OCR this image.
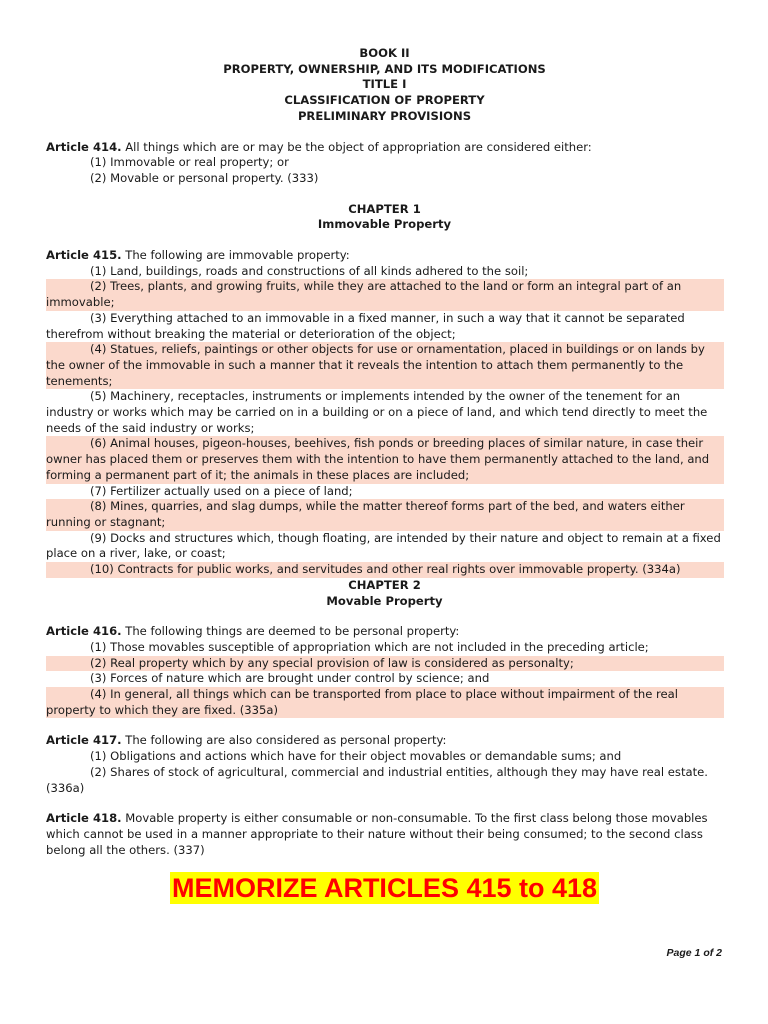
BOOK II
PROPERTY, OWNERSHIP, AND ITS MODIFICATIONS
TITLE I
CLASSIFICATION OF PROPERTY
PRELIMINARY PROVISIONS

Article 414. All things which are or may be the object of appropriation are considered either:

(1) Immovable or real property; or

(2) Movable or personal property. (333)

CHAPTER 1
Immovable Property

Article 415. The following are immovable property:

(1) Land, buildings, roads and constructions of all kinds adhered to the soil;

(2) Trees, plants, and growing fruits, while they are attached to the land or form an integral part of an immovable;

(3) Everything attached to an immovable in a fixed manner, in such a way that it cannot be separated therefrom without breaking the material or deterioration of the object;

(4) Statues, reliefs, paintings or other objects for use or ornamentation, placed in buildings or on lands by the owner of the immovable in such a manner that it reveals the intention to attach them permanently to the tenements;

(5) Machinery, receptacles, instruments or implements intended by the owner of the tenement for an industry or works which may be carried on in a building or on a piece of land, and which tend directly to meet the needs of the said industry or works;

(6) Animal houses, pigeon-houses, beehives, fish ponds or breeding places of similar nature, in case their owner has placed them or preserves them with the intention to have them permanently attached to the land, and forming a permanent part of it; the animals in these places are included;

(7) Fertilizer actually used on a piece of land;

(8) Mines, quarries, and slag dumps, while the matter thereof forms part of the bed, and waters either running or stagnant;

(9) Docks and structures which, though floating, are intended by their nature and object to remain at a fixed place on a river, lake, or coast;

(10) Contracts for public works, and servitudes and other real rights over immovable property. (334a)

CHAPTER 2
Movable Property

Article 416. The following things are deemed to be personal property:

(1) Those movables susceptible of appropriation which are not included in the preceding article;

(2) Real property which by any special provision of law is considered as personalty;

(3) Forces of nature which are brought under control by science; and

(4) In general, all things which can be transported from place to place without impairment of the real property to which they are fixed. (335a)

Article 417. The following are also considered as personal property:

(1) Obligations and actions which have for their object movables or demandable sums; and

(2) Shares of stock of agricultural, commercial and industrial entities, although they may have real estate. (336a)

Article 418. Movable property is either consumable or non-consumable. To the first class belong those movables which cannot be used in a manner appropriate to their nature without their being consumed; to the second class belong all the others. (337)

MEMORIZE ARTICLES 415 to 418
Page 1 of 2
